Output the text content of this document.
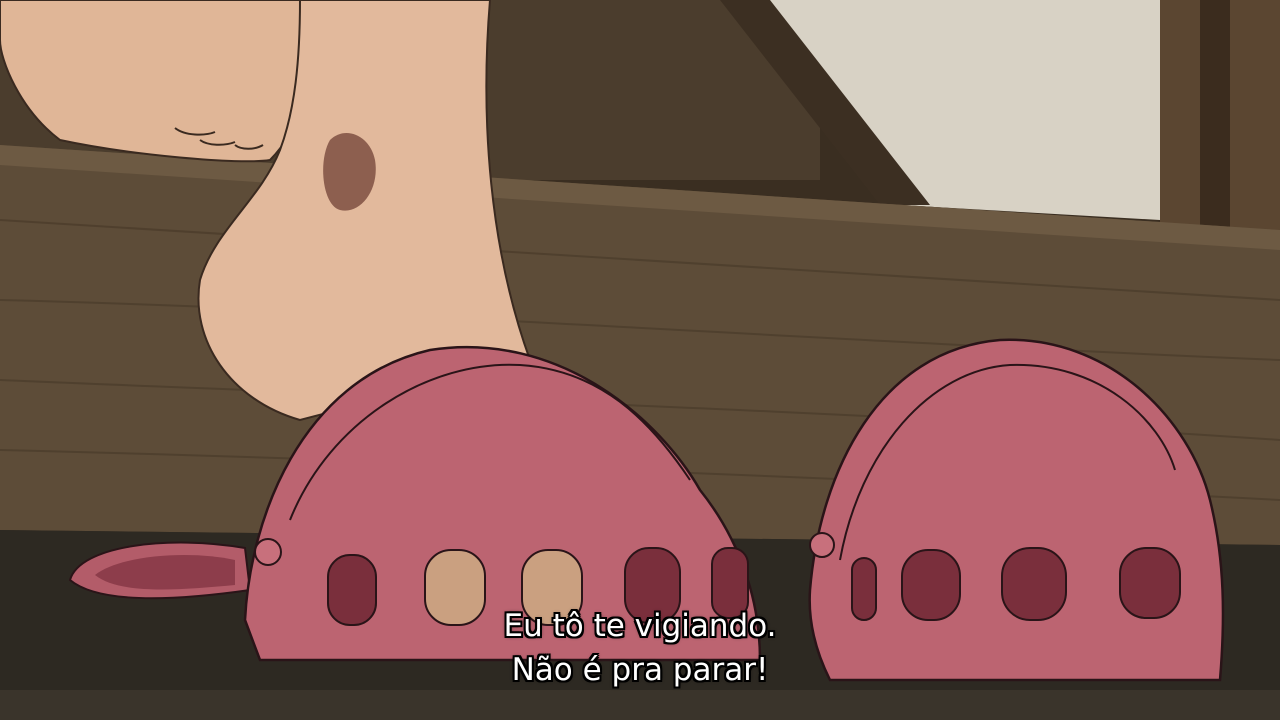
Eu tô te vigiando.
Não é pra parar!
